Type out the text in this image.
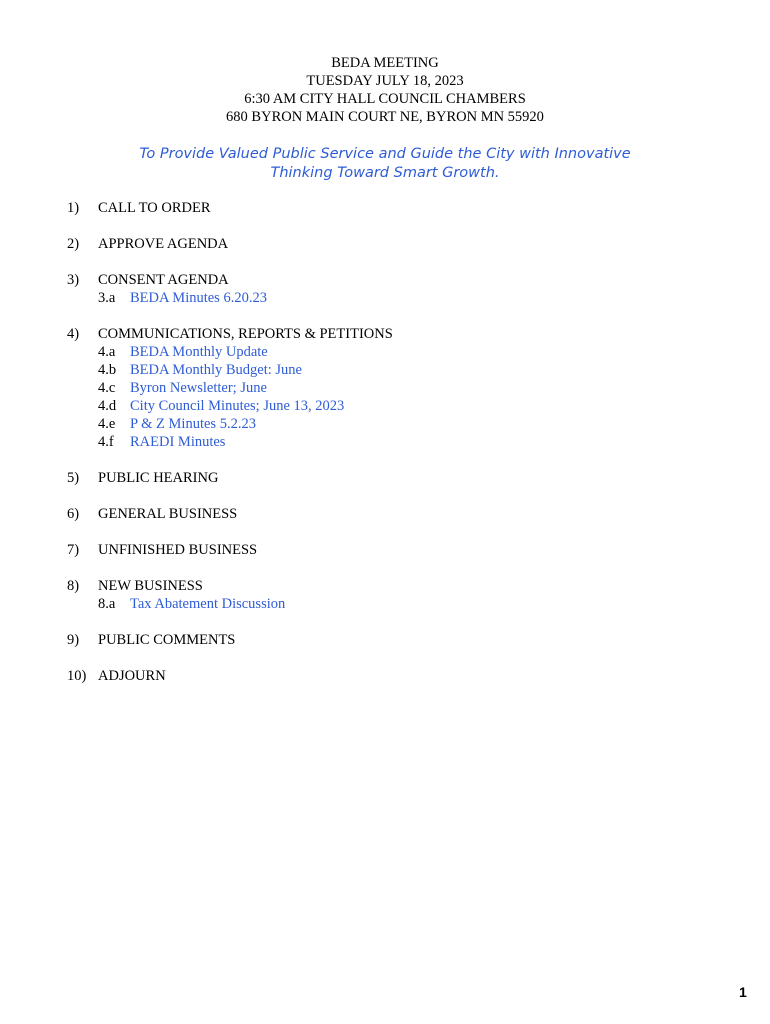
BEDA MEETING
TUESDAY JULY 18, 2023
6:30 AM CITY HALL COUNCIL CHAMBERS
680 BYRON MAIN COURT NE, BYRON MN 55920
To Provide Valued Public Service and Guide the City with Innovative
Thinking Toward Smart Growth.
1) CALL TO ORDER
2) APPROVE AGENDA
3) CONSENT AGENDA
3.a BEDA Minutes 6.20.23
4) COMMUNICATIONS, REPORTS & PETITIONS
4.a BEDA Monthly Update
4.b BEDA Monthly Budget: June
4.c Byron Newsletter; June
4.d City Council Minutes; June 13, 2023
4.e P & Z Minutes 5.2.23
4.f RAEDI Minutes
5) PUBLIC HEARING
6) GENERAL BUSINESS
7) UNFINISHED BUSINESS
8) NEW BUSINESS
8.a Tax Abatement Discussion
9) PUBLIC COMMENTS
10) ADJOURN
1
